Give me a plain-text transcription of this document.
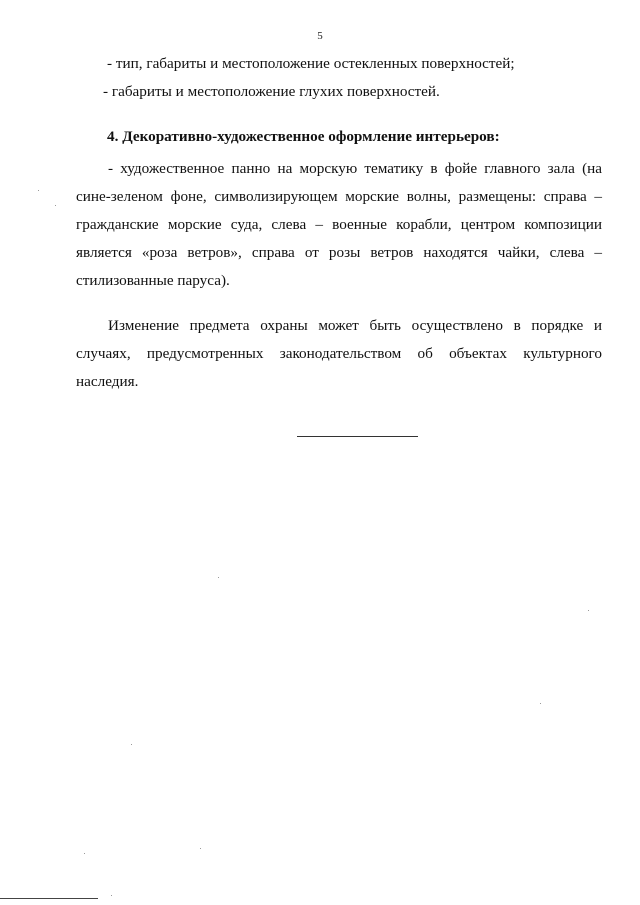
5
- тип, габариты и местоположение остекленных поверхностей;
- габариты и местоположение глухих поверхностей.
4. Декоративно-художественное оформление интерьеров:
- художественное панно на морскую тематику в фойе главного зала (на
сине-зеленом фоне, символизирующем морские волны, размещены: справа –
гражданские морские суда, слева – военные корабли, центром композиции
является «роза ветров», справа от розы ветров находятся чайки, слева –
стилизованные паруса).
Изменение предмета охраны может быть осуществлено в порядке и
случаях, предусмотренных законодательством об объектах культурного
наследия.
